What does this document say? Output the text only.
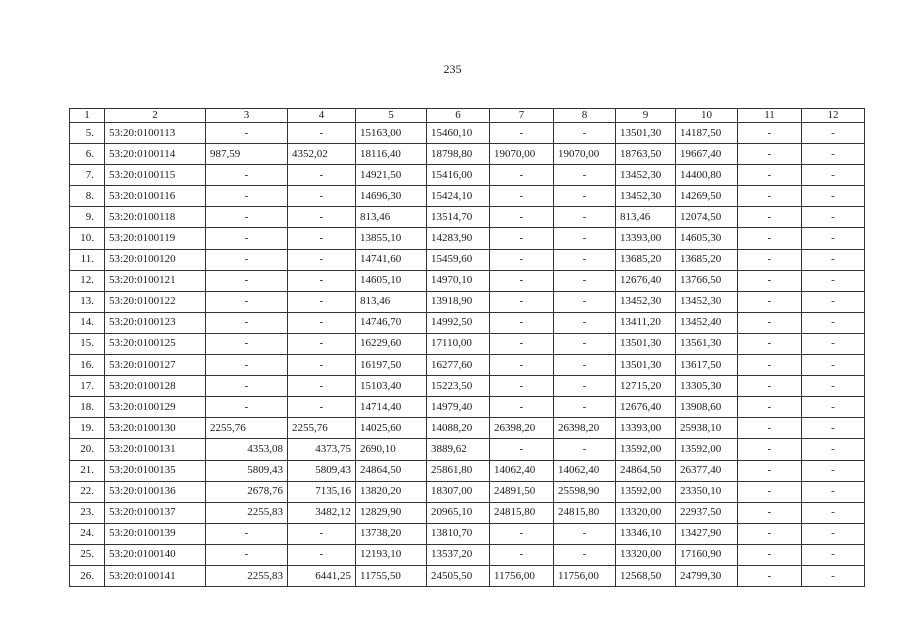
235
1	2	3	4	5	6	7	8	9	10	11	12
5.	53:20:0100113	-	-	15163,00	15460,10	-	-	13501,30	14187,50	-	-
6.	53:20:0100114	987,59	4352,02	18116,40	18798,80	19070,00	19070,00	18763,50	19667,40	-	-
7.	53:20:0100115	-	-	14921,50	15416,00	-	-	13452,30	14400,80	-	-
8.	53:20:0100116	-	-	14696,30	15424,10	-	-	13452,30	14269,50	-	-
9.	53:20:0100118	-	-	813,46	13514,70	-	-	813,46	12074,50	-	-
10.	53:20:0100119	-	-	13855,10	14283,90	-	-	13393,00	14605,30	-	-
11.	53:20:0100120	-	-	14741,60	15459,60	-	-	13685,20	13685,20	-	-
12.	53:20:0100121	-	-	14605,10	14970,10	-	-	12676,40	13766,50	-	-
13.	53:20:0100122	-	-	813,46	13918,90	-	-	13452,30	13452,30	-	-
14.	53:20:0100123	-	-	14746,70	14992,50	-	-	13411,20	13452,40	-	-
15.	53:20:0100125	-	-	16229,60	17110,00	-	-	13501,30	13561,30	-	-
16.	53:20:0100127	-	-	16197,50	16277,60	-	-	13501,30	13617,50	-	-
17.	53:20:0100128	-	-	15103,40	15223,50	-	-	12715,20	13305,30	-	-
18.	53:20:0100129	-	-	14714,40	14979,40	-	-	12676,40	13908,60	-	-
19.	53:20:0100130	2255,76	2255,76	14025,60	14088,20	26398,20	26398,20	13393,00	25938,10	-	-
20.	53:20:0100131	4353,08	4373,75	2690,10	3889,62	-	-	13592,00	13592,00	-	-
21.	53:20:0100135	5809,43	5809,43	24864,50	25861,80	14062,40	14062,40	24864,50	26377,40	-	-
22.	53:20:0100136	2678,76	7135,16	13820,20	18307,00	24891,50	25598,90	13592,00	23350,10	-	-
23.	53:20:0100137	2255,83	3482,12	12829,90	20965,10	24815,80	24815,80	13320,00	22937,50	-	-
24.	53:20:0100139	-	-	13738,20	13810,70	-	-	13346,10	13427,90	-	-
25.	53:20:0100140	-	-	12193,10	13537,20	-	-	13320,00	17160,90	-	-
26.	53:20:0100141	2255,83	6441,25	11755,50	24505,50	11756,00	11756,00	12568,50	24799,30	-	-
